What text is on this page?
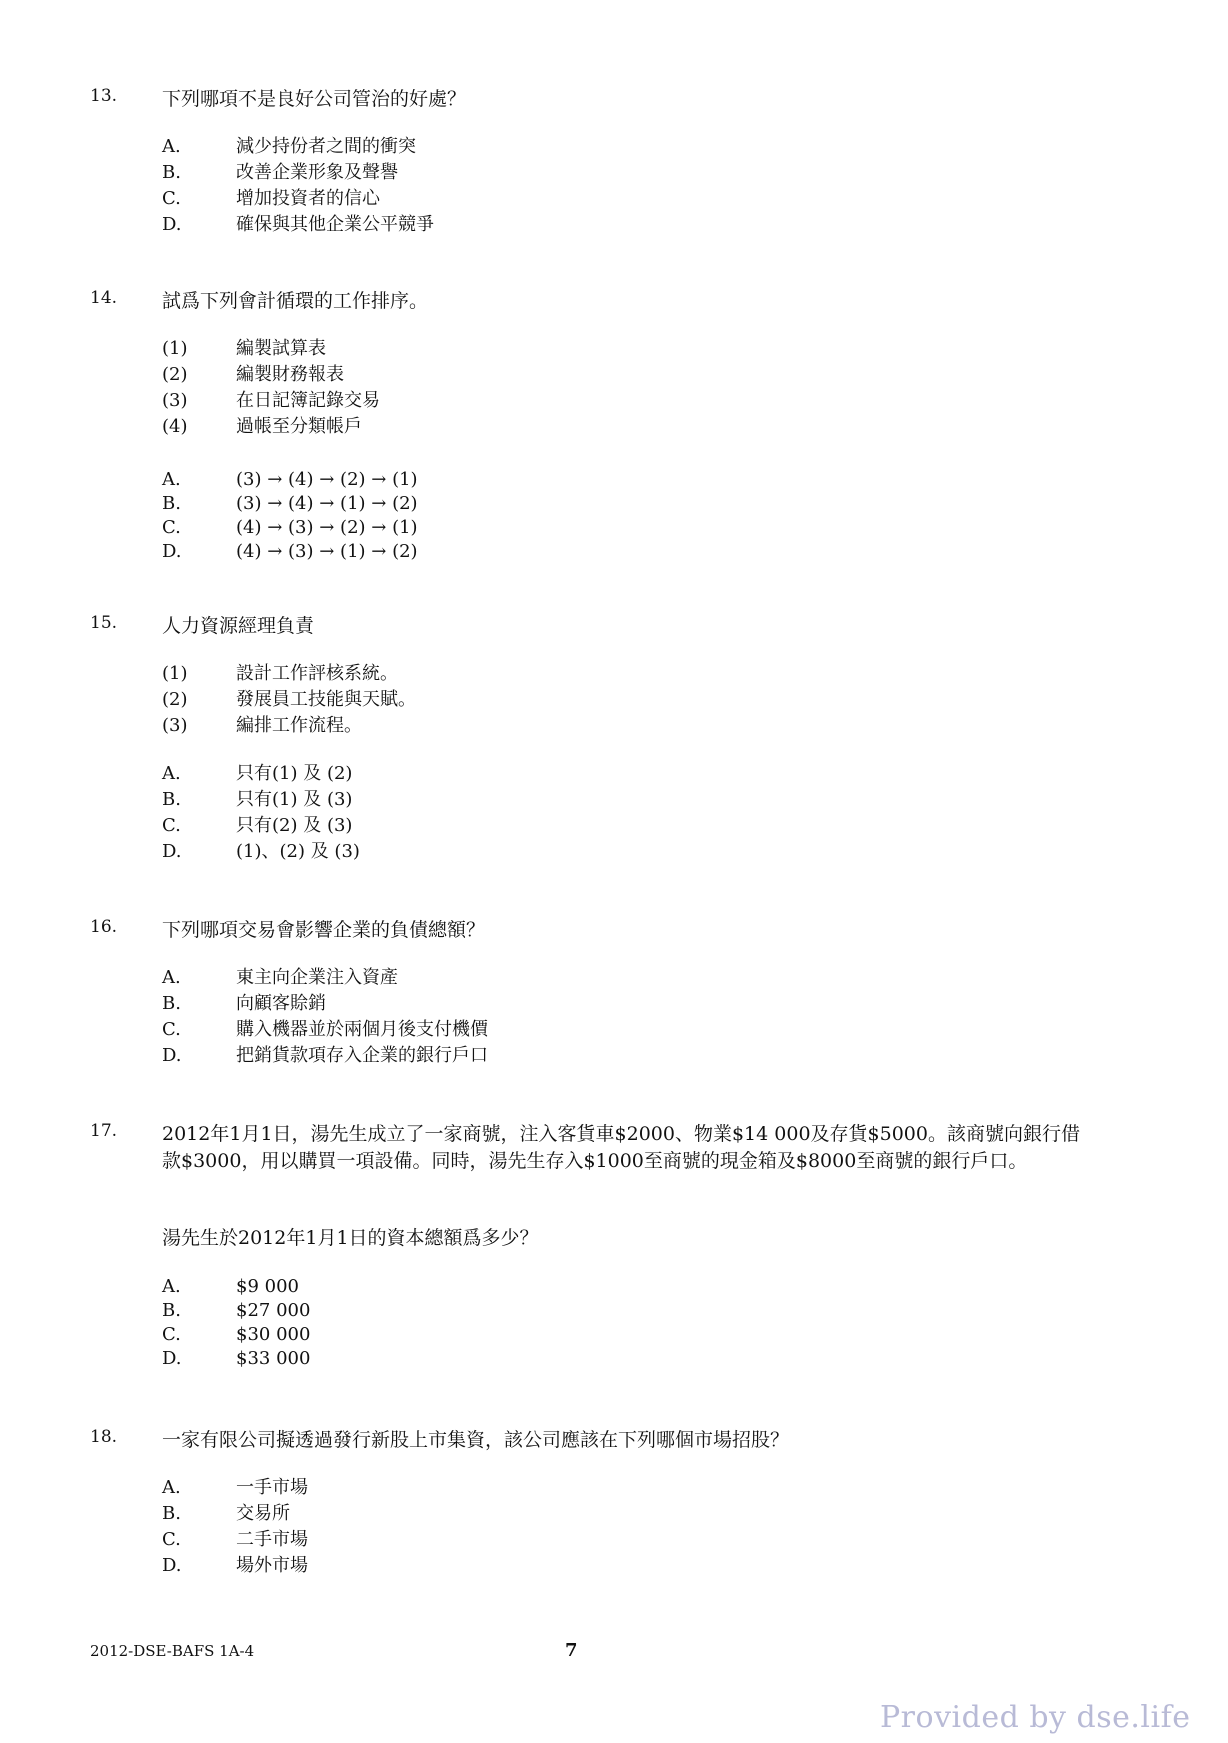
13. 下列哪項不是良好公司管治的好處？
A.	減少持份者之間的衝突
B.	改善企業形象及聲譽
C.	增加投資者的信心
D.	確保與其他企業公平競爭
14. 試爲下列會計循環的工作排序。
(1)	編製試算表
(2)	編製財務報表
(3)	在日記簿記錄交易
(4)	過帳至分類帳戶
A.	(3) → (4) → (2) → (1)
B.	(3) → (4) → (1) → (2)
C.	(4) → (3) → (2) → (1)
D.	(4) → (3) → (1) → (2)
15. 人力資源經理負責
(1)	設計工作評核系統。
(2)	發展員工技能與天賦。
(3)	編排工作流程。
A.	只有(1) 及 (2)
B.	只有(1) 及 (3)
C.	只有(2) 及 (3)
D.	(1)、(2) 及 (3)
16. 下列哪項交易會影響企業的負債總額？
A.	東主向企業注入資產
B.	向顧客賒銷
C.	購入機器並於兩個月後支付機價
D.	把銷貨款項存入企業的銀行戶口
17. 2012年1月1日，湯先生成立了一家商號，注入客貨車$2000、物業$14 000及存貨$5000。該商號向銀行借款$3000，用以購買一項設備。同時，湯先生存入$1000至商號的現金箱及$8000至商號的銀行戶口。
湯先生於2012年1月1日的資本總額爲多少？
A.	$9 000
B.	$27 000
C.	$30 000
D.	$33 000
18. 一家有限公司擬透過發行新股上市集資，該公司應該在下列哪個市場招股？
A.	一手市場
B.	交易所
C.	二手市場
D.	場外市場
2012-DSE-BAFS 1A-4	7
Provided by dse.life
